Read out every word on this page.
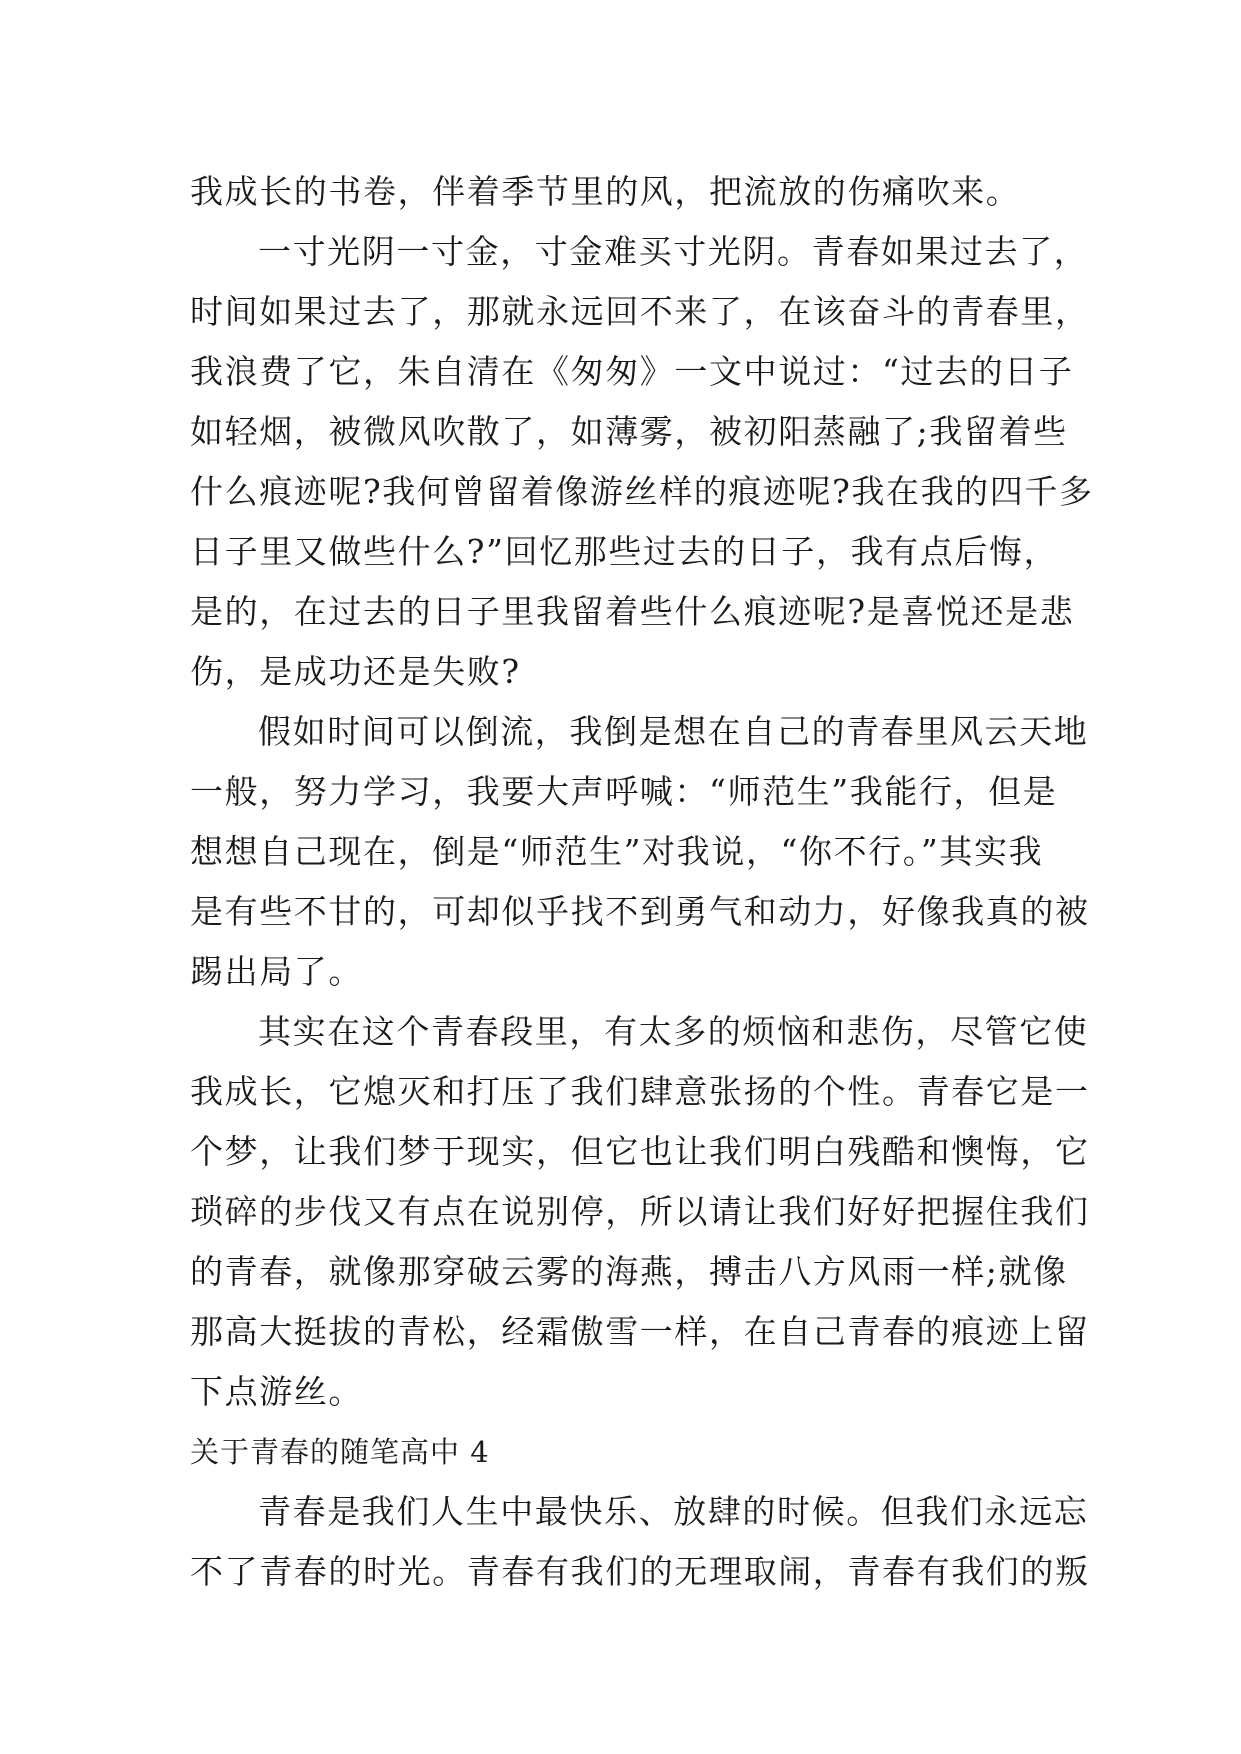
我成长的书卷，伴着季节里的风，把流放的伤痛吹来。
一寸光阴一寸金，寸金难买寸光阴。青春如果过去了，
时间如果过去了，那就永远回不来了，在该奋斗的青春里，
我浪费了它，朱自清在《匆匆》一文中说过：“过去的日子
如轻烟，被微风吹散了，如薄雾，被初阳蒸融了;我留着些
什么痕迹呢?我何曾留着像游丝样的痕迹呢?我在我的四千多
日子里又做些什么?”回忆那些过去的日子，我有点后悔，
是的，在过去的日子里我留着些什么痕迹呢?是喜悦还是悲
伤，是成功还是失败?
假如时间可以倒流，我倒是想在自己的青春里风云天地
一般，努力学习，我要大声呼喊：“师范生”我能行，但是
想想自己现在，倒是“师范生”对我说，“你不行。”其实我
是有些不甘的，可却似乎找不到勇气和动力，好像我真的被
踢出局了。
其实在这个青春段里，有太多的烦恼和悲伤，尽管它使
我成长，它熄灭和打压了我们肆意张扬的个性。青春它是一
个梦，让我们梦于现实，但它也让我们明白残酷和懊悔，它
琐碎的步伐又有点在说别停，所以请让我们好好把握住我们
的青春，就像那穿破云雾的海燕，搏击八方风雨一样;就像
那高大挺拔的青松，经霜傲雪一样，在自己青春的痕迹上留
下点游丝。
关于青春的随笔高中 4
青春是我们人生中最快乐、放肆的时候。但我们永远忘
不了青春的时光。青春有我们的无理取闹，青春有我们的叛
